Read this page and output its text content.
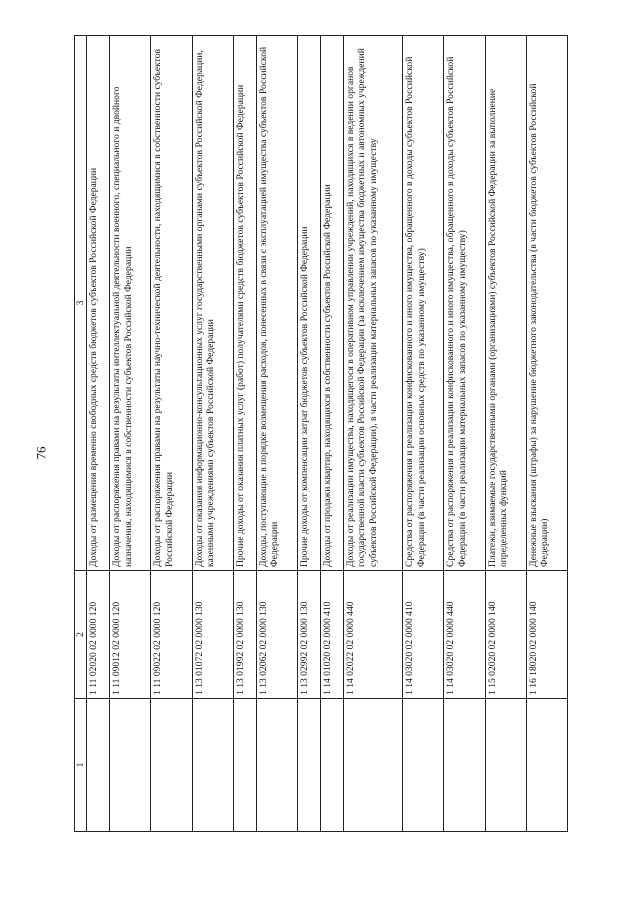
76
1	2	3
	1 11 02020 02 0000 120	Доходы от размещения временно свободных средств бюджетов субъектов Российской Федерации
	1 11 09012 02 0000 120	Доходы от распоряжения правами на результаты интеллектуальной деятельности военного, специального и двойного назначения, находящимися в собственности субъектов Российской Федерации
	1 11 09022 02 0000 120	Доходы от распоряжения правами на результаты научно-технической деятельности, находящимися в собственности субъектов Российской Федерации
	1 13 01072 02 0000 130	Доходы от оказания информационно-консультационных услуг государственными органами субъектов Российской Федерации, казенными учреждениями субъектов Российской Федерации
	1 13 01992 02 0000 130	Прочие доходы от оказания платных услуг (работ) получателями средств бюджетов субъектов Российской Федерации
	1 13 02062 02 0000 130	Доходы, поступающие в порядке возмещения расходов, понесенных в связи с эксплуатацией имущества субъектов Российской Федерации
	1 13 02992 02 0000 130	Прочие доходы от компенсации затрат бюджетов субъектов Российской Федерации
	1 14 01020 02 0000 410	Доходы от продажи квартир, находящихся в собственности субъектов Российской Федерации
	1 14 02022 02 0000 440	Доходы от реализации имущества, находящегося в оперативном управлении учреждений, находящихся в ведении органов государственной власти субъектов Российской Федерации (за исключением имущества бюджетных и автономных учреждений субъектов Российской Федерации), в части реализации материальных запасов по указанному имуществу
	1 14 03020 02 0000 410	Средства от распоряжения и реализации конфискованного и иного имущества, обращенного в доходы субъектов Российской Федерации (в части реализации основных средств по указанному имуществу)
	1 14 03020 02 0000 440	Средства от распоряжения и реализации конфискованного и иного имущества, обращенного в доходы субъектов Российской Федерации (в части реализации материальных запасов по указанному имуществу)
	1 15 02020 02 0000 140	Платежи, взимаемые государственными органами (организациями) субъектов Российской Федерации за выполнение определенных функций
	1 16 18020 02 0000 140	Денежные взыскания (штрафы) за нарушение бюджетного законодательства (в части бюджетов субъектов Российской Федерации)
